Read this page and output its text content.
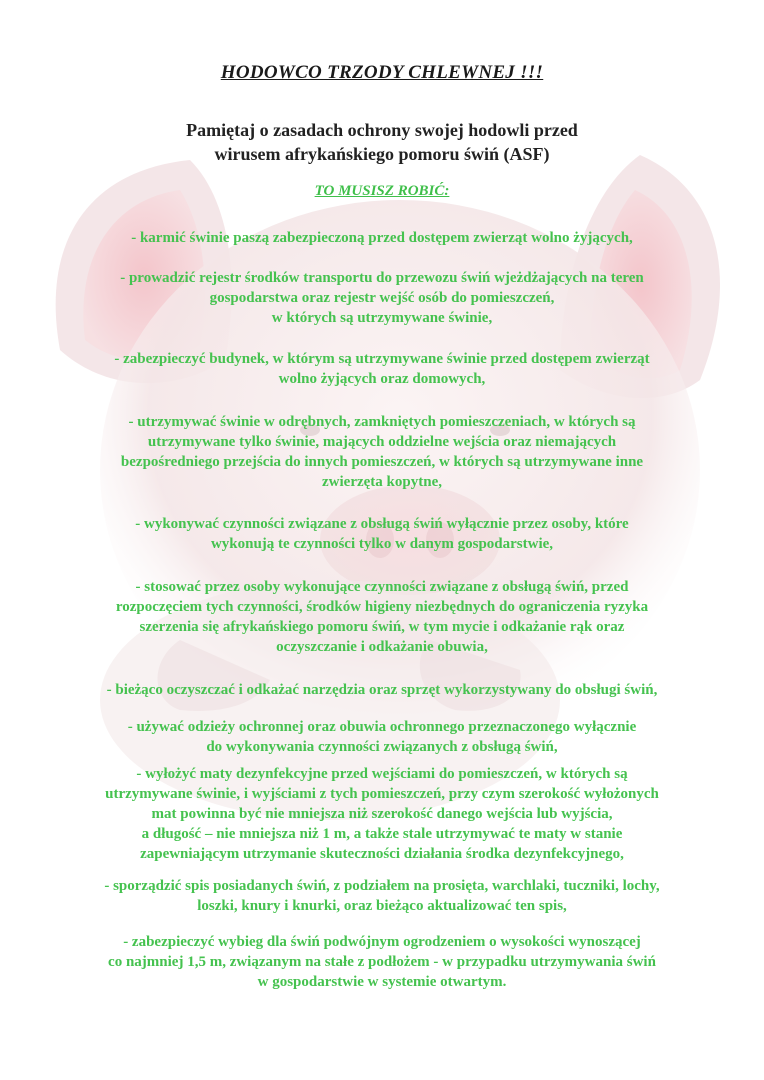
HODOWCO TRZODY CHLEWNEJ !!!
Pamiętaj o zasadach ochrony swojej hodowli przed
wirusem afrykańskiego pomoru świń (ASF)
TO MUSISZ ROBIĆ:
- karmić świnie paszą zabezpieczoną przed dostępem zwierząt wolno żyjących,
- prowadzić rejestr środków transportu do przewozu świń wjeżdżających na teren
gospodarstwa oraz rejestr wejść osób do pomieszczeń,
w których są utrzymywane świnie,
- zabezpieczyć budynek, w którym są utrzymywane świnie przed dostępem zwierząt
wolno żyjących oraz domowych,
- utrzymywać świnie w odrębnych, zamkniętych pomieszczeniach, w których są
utrzymywane tylko świnie, mających oddzielne wejścia oraz niemających
bezpośredniego przejścia do innych pomieszczeń, w których są utrzymywane inne
zwierzęta kopytne,
- wykonywać czynności związane z obsługą świń wyłącznie przez osoby, które
wykonują te czynności tylko w danym gospodarstwie,
- stosować przez osoby wykonujące czynności związane z obsługą świń, przed
rozpoczęciem tych czynności, środków higieny niezbędnych do ograniczenia ryzyka
szerzenia się afrykańskiego pomoru świń, w tym mycie i odkażanie rąk oraz
oczyszczanie i odkażanie obuwia,
- bieżąco oczyszczać i odkażać narzędzia oraz sprzęt wykorzystywany do obsługi świń,
- używać odzieży ochronnej oraz obuwia ochronnego przeznaczonego wyłącznie
do wykonywania czynności związanych z obsługą świń,
- wyłożyć maty dezynfekcyjne przed wejściami do pomieszczeń, w których są
utrzymywane świnie, i wyjściami z tych pomieszczeń, przy czym szerokość wyłożonych
mat powinna być nie mniejsza niż szerokość danego wejścia lub wyjścia,
a długość – nie mniejsza niż 1 m, a także stale utrzymywać te maty w stanie
zapewniającym utrzymanie skuteczności działania środka dezynfekcyjnego,
- sporządzić spis posiadanych świń, z podziałem na prosięta, warchlaki, tuczniki, lochy,
loszki, knury i knurki, oraz bieżąco aktualizować ten spis,
- zabezpieczyć wybieg dla świń podwójnym ogrodzeniem o wysokości wynoszącej
co najmniej 1,5 m, związanym na stałe z podłożem - w przypadku utrzymywania świń
w gospodarstwie w systemie otwartym.
